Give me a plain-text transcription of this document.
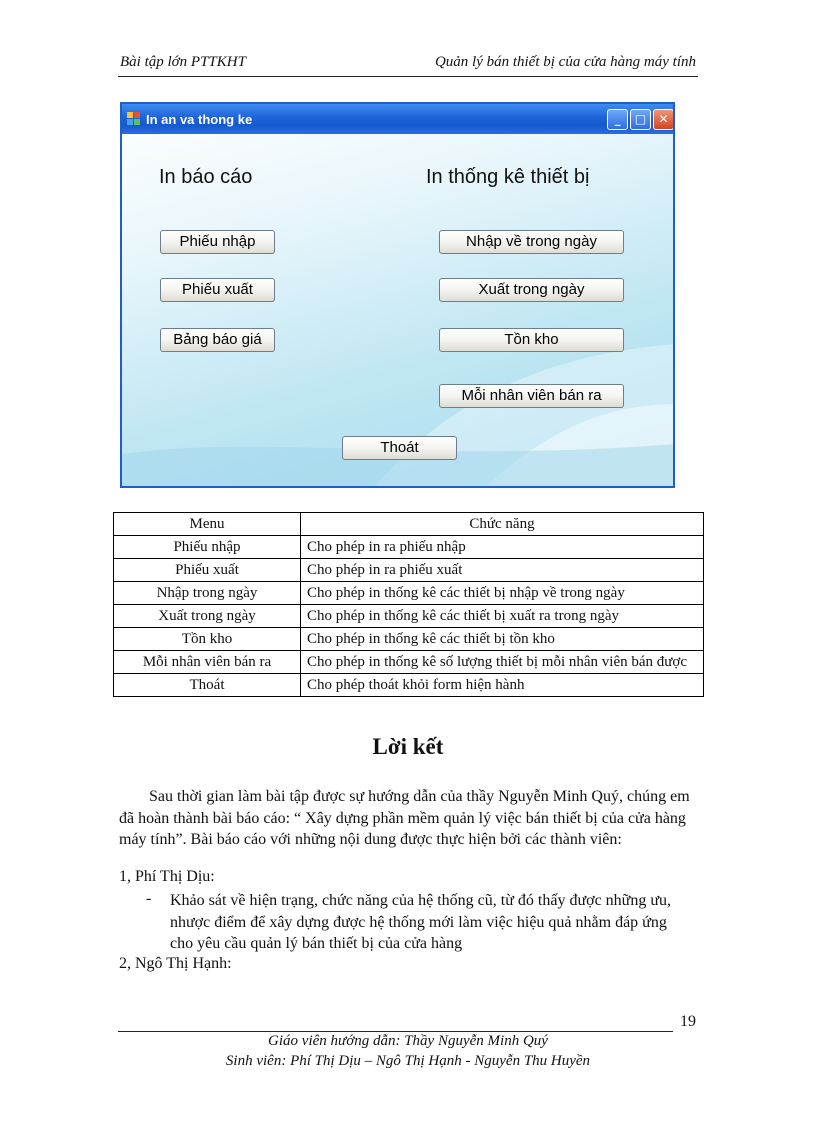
Bài tập lớn PTTKHT	Quản lý bán thiết bị của cửa hàng máy tính
In an va thong ke	_	□	✕
In báo cáo	In thống kê thiết bị
Phiếu nhập
Phiếu xuất
Bảng báo giá
Nhập về trong ngày
Xuất trong ngày
Tồn kho
Mỗi nhân viên bán ra
Thoát
Menu	Chức năng
Phiếu nhập	Cho phép in ra phiếu nhập
Phiếu xuất	Cho phép in ra phiếu xuất
Nhập trong ngày	Cho phép in thống kê các thiết bị nhập về trong ngày
Xuất trong ngày	Cho phép in thống kê các thiết bị xuất ra trong ngày
Tồn kho	Cho phép in thống kê các thiết bị tồn kho
Mỗi nhân viên bán ra	Cho phép in thống kê số lượng thiết bị mỗi nhân viên bán được
Thoát	Cho phép thoát khỏi form hiện hành
Lời kết
Sau thời gian làm bài tập được sự hướng dẫn của thầy Nguyễn Minh Quý, chúng em đã hoàn thành bài báo cáo: “ Xây dựng phần mềm quản lý việc bán thiết bị của cửa hàng máy tính”. Bài báo cáo với những nội dung được thực hiện bởi các thành viên:
1, Phí Thị Dịu:
- Khảo sát về hiện trạng, chức năng của hệ thống cũ, từ đó thấy được những ưu, nhược điểm để xây dựng được hệ thống mới làm việc hiệu quả nhằm đáp ứng cho yêu cầu quản lý bán thiết bị của cửa hàng
2, Ngô Thị Hạnh:
19
Giáo viên hướng dẫn: Thầy Nguyễn Minh Quý
Sinh viên: Phí Thị Dịu – Ngô Thị Hạnh - Nguyễn Thu Huyền
